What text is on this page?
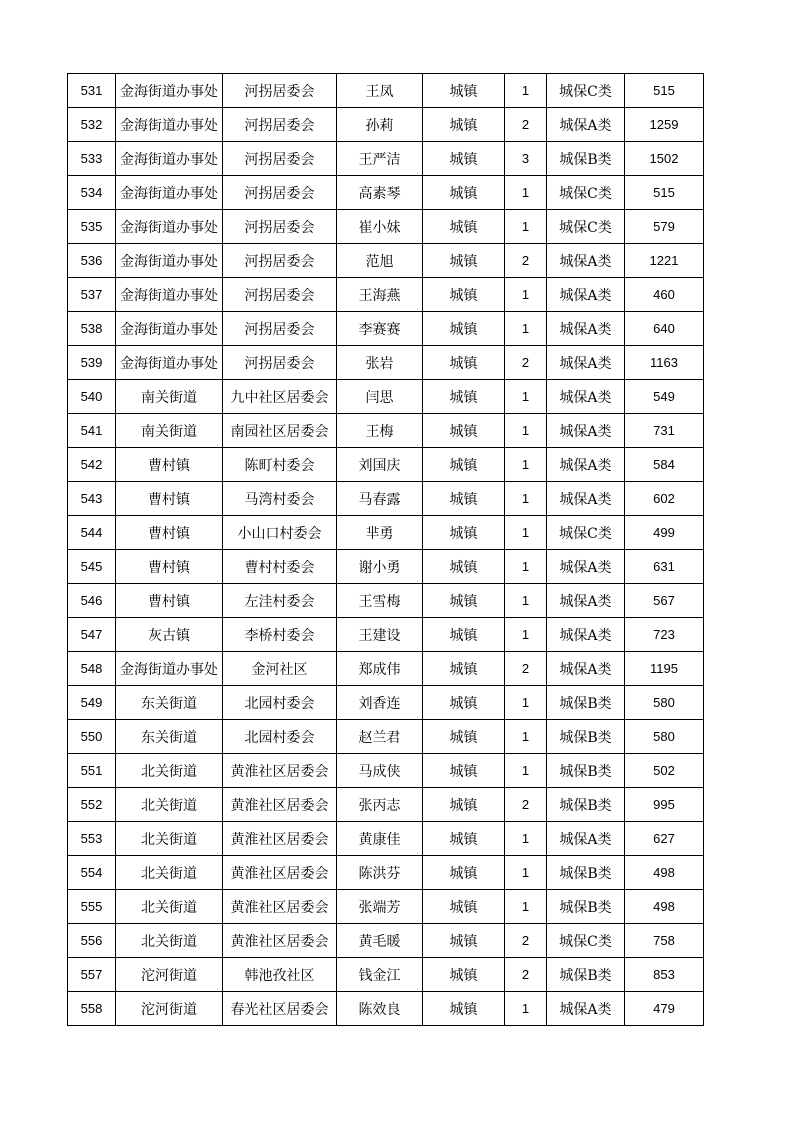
531	金海街道办事处	河拐居委会	王凤	城镇	1	城保C类	515
532	金海街道办事处	河拐居委会	孙莉	城镇	2	城保A类	1259
533	金海街道办事处	河拐居委会	王严洁	城镇	3	城保B类	1502
534	金海街道办事处	河拐居委会	高素琴	城镇	1	城保C类	515
535	金海街道办事处	河拐居委会	崔小妹	城镇	1	城保C类	579
536	金海街道办事处	河拐居委会	范旭	城镇	2	城保A类	1221
537	金海街道办事处	河拐居委会	王海燕	城镇	1	城保A类	460
538	金海街道办事处	河拐居委会	李赛赛	城镇	1	城保A类	640
539	金海街道办事处	河拐居委会	张岩	城镇	2	城保A类	1163
540	南关街道	九中社区居委会	闫思	城镇	1	城保A类	549
541	南关街道	南园社区居委会	王梅	城镇	1	城保A类	731
542	曹村镇	陈町村委会	刘国庆	城镇	1	城保A类	584
543	曹村镇	马湾村委会	马春露	城镇	1	城保A类	602
544	曹村镇	小山口村委会	芈勇	城镇	1	城保C类	499
545	曹村镇	曹村村委会	谢小勇	城镇	1	城保A类	631
546	曹村镇	左洼村委会	王雪梅	城镇	1	城保A类	567
547	灰古镇	李桥村委会	王建设	城镇	1	城保A类	723
548	金海街道办事处	金河社区	郑成伟	城镇	2	城保A类	1195
549	东关街道	北园村委会	刘香连	城镇	1	城保B类	580
550	东关街道	北园村委会	赵兰君	城镇	1	城保B类	580
551	北关街道	黄淮社区居委会	马成侠	城镇	1	城保B类	502
552	北关街道	黄淮社区居委会	张丙志	城镇	2	城保B类	995
553	北关街道	黄淮社区居委会	黄康佳	城镇	1	城保A类	627
554	北关街道	黄淮社区居委会	陈洪芬	城镇	1	城保B类	498
555	北关街道	黄淮社区居委会	张端芳	城镇	1	城保B类	498
556	北关街道	黄淮社区居委会	黄毛暖	城镇	2	城保C类	758
557	沱河街道	韩池孜社区	钱金江	城镇	2	城保B类	853
558	沱河街道	春光社区居委会	陈效良	城镇	1	城保A类	479
